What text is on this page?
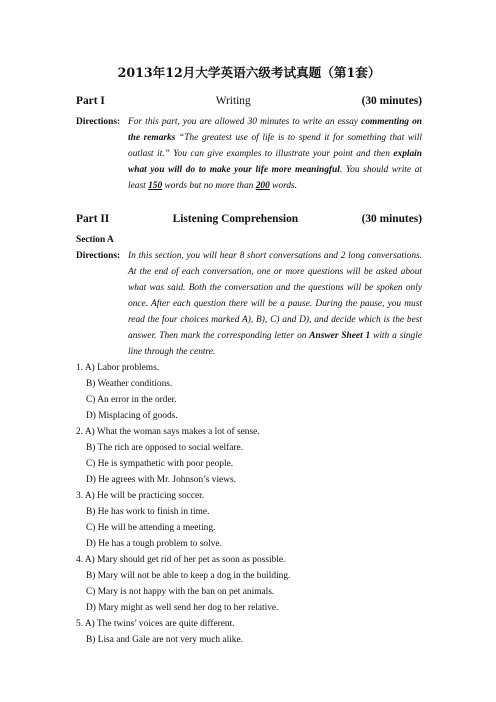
2013年12月大学英语六级考试真题（第1套）
Part I	Writing	(30 minutes)
Directions: For this part, you are allowed 30 minutes to write an essay commenting on the remarks “The greatest use of life is to spend it for something that will outlast it.” You can give examples to illustrate your point and then explain what you will do to make your life more meaningful. You should write at least 150 words but no more than 200 words.
Part II	Listening Comprehension	(30 minutes)
Section A
Directions: In this section, you will hear 8 short conversations and 2 long conversations. At the end of each conversation, one or more questions will be asked about what was said. Both the conversation and the questions will be spoken only once. After each question there will be a pause. During the pause, you must read the four choices marked A), B), C) and D), and decide which is the best answer. Then mark the corresponding letter on Answer Sheet 1 with a single line through the centre.
1. A) Labor problems.
B) Weather conditions.
C) An error in the order.
D) Misplacing of goods.
2. A) What the woman says makes a lot of sense.
B) The rich are opposed to social welfare.
C) He is sympathetic with poor people.
D) He agrees with Mr. Johnson’s views.
3. A) He will be practicing soccer.
B) He has work to finish in time.
C) He will be attending a meeting.
D) He has a tough problem to solve.
4. A) Mary should get rid of her pet as soon as possible.
B) Mary will not be able to keep a dog in the building.
C) Mary is not happy with the ban on pet animals.
D) Mary might as well send her dog to her relative.
5. A) The twins’ voices are quite different.
B) Lisa and Gale are not very much alike.
